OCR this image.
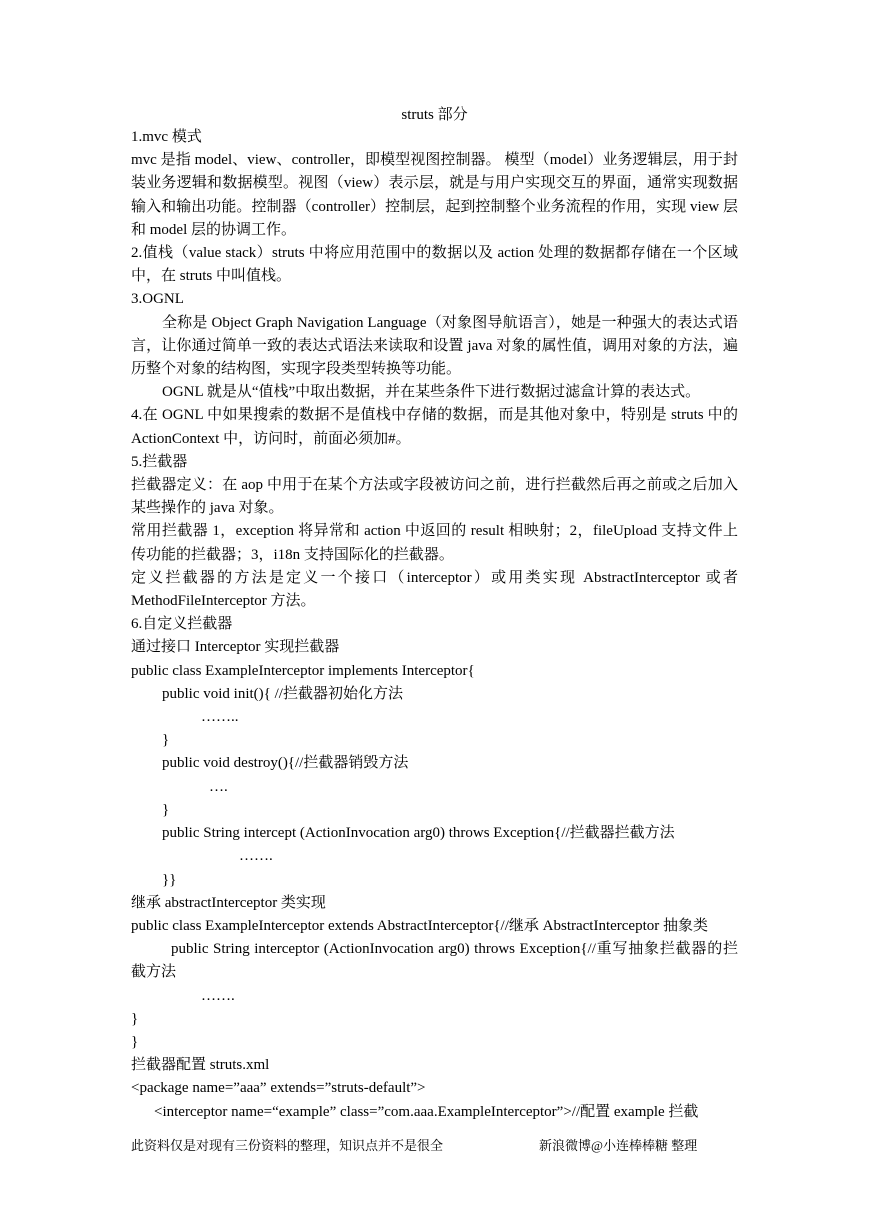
struts 部分

1.mvc 模式

mvc 是指 model、view、controller，即模型视图控制器。 模型（model）业务逻辑层，用于封装业务逻辑和数据模型。视图（view）表示层，就是与用户实现交互的界面，通常实现数据输入和输出功能。控制器（controller）控制层，起到控制整个业务流程的作用，实现 view 层和 model 层的协调工作。

2.值栈（value stack）struts 中将应用范围中的数据以及 action 处理的数据都存储在一个区域中，在 struts 中叫值栈。

3.OGNL

全称是 Object Graph Navigation Language（对象图导航语言），她是一种强大的表达式语言，让你通过简单一致的表达式语法来读取和设置 java 对象的属性值，调用对象的方法，遍历整个对象的结构图，实现字段类型转换等功能。

OGNL 就是从“值栈”中取出数据，并在某些条件下进行数据过滤盒计算的表达式。

4.在 OGNL 中如果搜索的数据不是值栈中存储的数据，而是其他对象中，特别是 struts 中的 ActionContext 中，访问时，前面必须加#。

5.拦截器

拦截器定义：在 aop 中用于在某个方法或字段被访问之前，进行拦截然后再之前或之后加入某些操作的 java 对象。

常用拦截器 1，exception 将异常和 action 中返回的 result 相映射；2，fileUpload 支持文件上传功能的拦截器；3，i18n 支持国际化的拦截器。

定义拦截器的方法是定义一个接口（interceptor）或用类实现 AbstractInterceptor 或者 MethodFileInterceptor 方法。

6.自定义拦截器

通过接口 Interceptor 实现拦截器

public class ExampleInterceptor implements Interceptor{

public void init(){ //拦截器初始化方法

……..

}

public void destroy(){//拦截器销毁方法

….

}

public String intercept (ActionInvocation arg0) throws Exception{//拦截器拦截方法

…….

}}

继承 abstractInterceptor 类实现

public class ExampleInterceptor extends AbstractInterceptor{//继承 AbstractInterceptor 抽象类

public String interceptor (ActionInvocation arg0) throws Exception{//重写抽象拦截器的拦截方法

…….

}

}

拦截器配置 struts.xml

<package name=”aaa” extends=”struts-default”>

<interceptor name=“example” class=”com.aaa.ExampleInterceptor”>//配置 example 拦截

此资料仅是对现有三份资料的整理，知识点并不是很全	新浪微博@小连棒棒糖 整理
